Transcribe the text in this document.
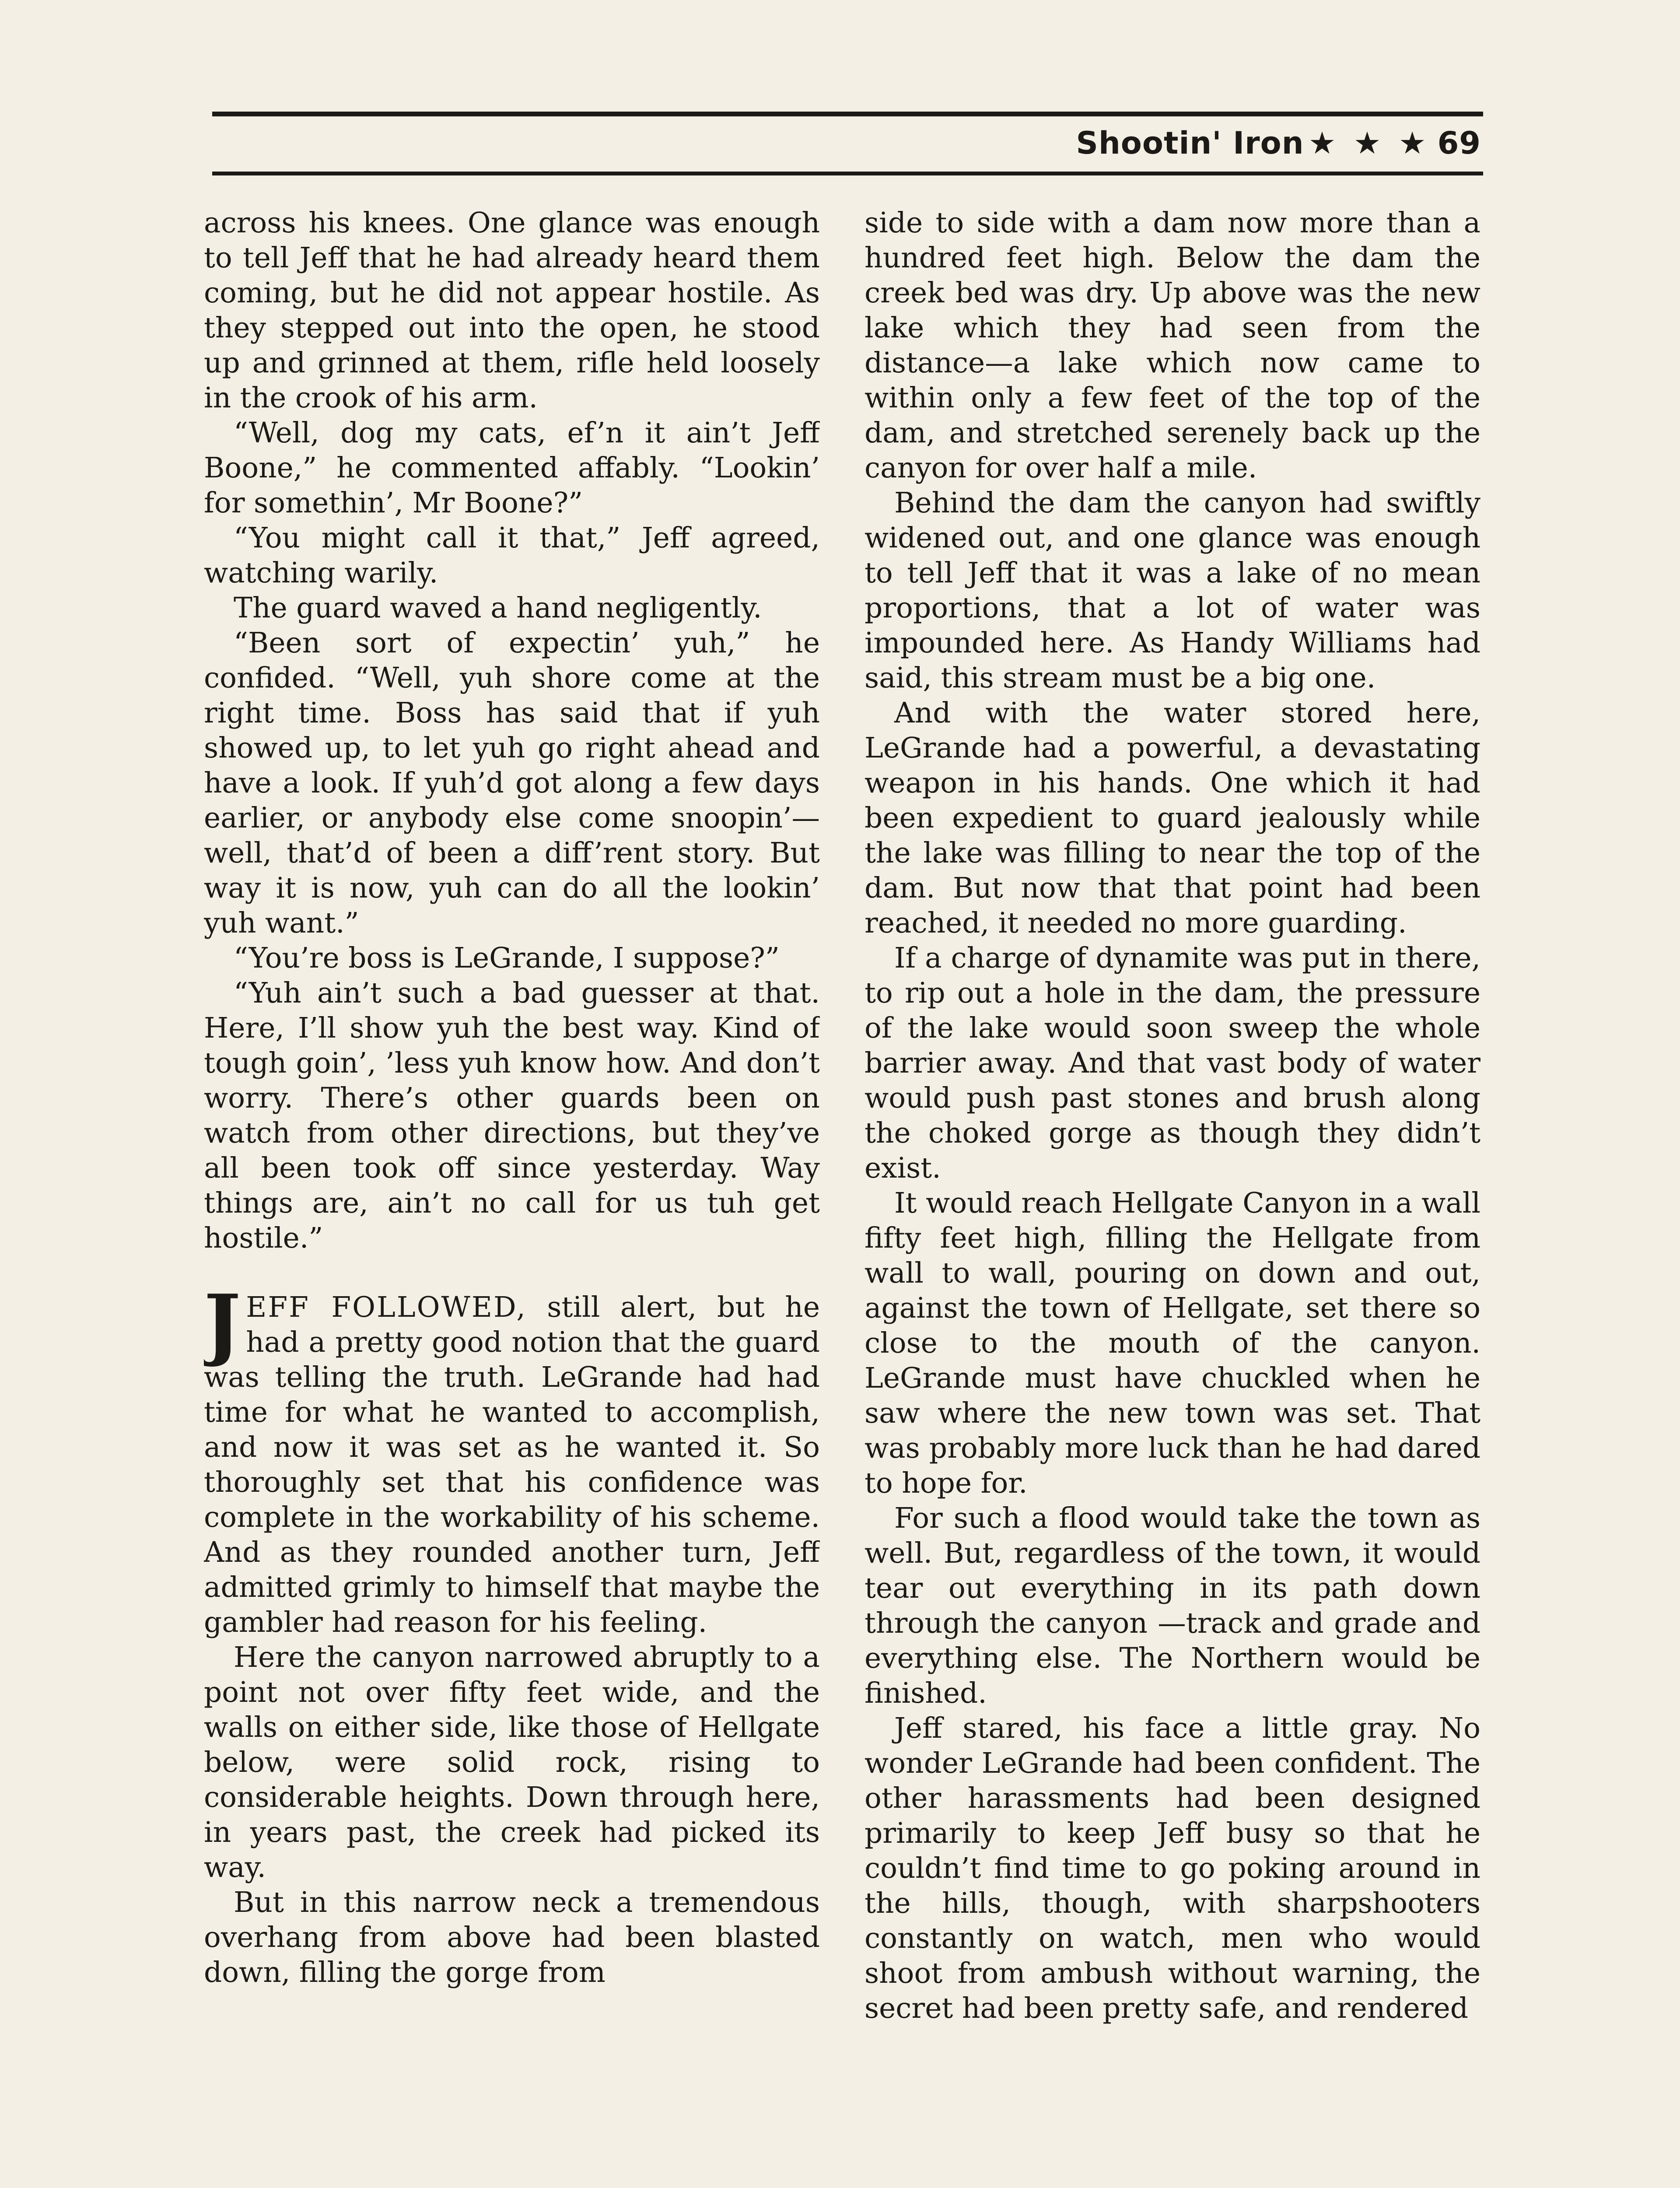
Shootin' Iron ★ ★ ★ 69

across his knees. One glance was enough to tell Jeff that he had already heard them coming, but he did not appear hostile. As they stepped out into the open, he stood up and grinned at them, rifle held loosely in the crook of his arm.

“Well, dog my cats, ef’n it ain’t Jeff Boone,” he commented affably. “Lookin’ for somethin’, Mr Boone?”

“You might call it that,” Jeff agreed, watching warily.

The guard waved a hand negligently.

“Been sort of expectin’ yuh,” he confided. “Well, yuh shore come at the right time. Boss has said that if yuh showed up, to let yuh go right ahead and have a look. If yuh’d got along a few days earlier, or anybody else come snoopin’—well, that’d of been a diff’rent story. But way it is now, yuh can do all the lookin’ yuh want.”

“You’re boss is LeGrande, I suppose?”

“Yuh ain’t such a bad guesser at that. Here, I’ll show yuh the best way. Kind of tough goin’, ’less yuh know how. And don’t worry. There’s other guards been on watch from other directions, but they’ve all been took off since yesterday. Way things are, ain’t no call for us tuh get hostile.”

JEFF FOLLOWED, still alert, but he had a pretty good notion that the guard was telling the truth. LeGrande had had time for what he wanted to accomplish, and now it was set as he wanted it. So thoroughly set that his confidence was complete in the workability of his scheme. And as they rounded another turn, Jeff admitted grimly to himself that maybe the gambler had reason for his feeling.

Here the canyon narrowed abruptly to a point not over fifty feet wide, and the walls on either side, like those of Hellgate below, were solid rock, rising to considerable heights. Down through here, in years past, the creek had picked its way.

But in this narrow neck a tremendous overhang from above had been blasted down, filling the gorge from

side to side with a dam now more than a hundred feet high. Below the dam the creek bed was dry. Up above was the new lake which they had seen from the distance—a lake which now came to within only a few feet of the top of the dam, and stretched serenely back up the canyon for over half a mile.

Behind the dam the canyon had swiftly widened out, and one glance was enough to tell Jeff that it was a lake of no mean proportions, that a lot of water was impounded here. As Handy Williams had said, this stream must be a big one.

And with the water stored here, LeGrande had a powerful, a devastating weapon in his hands. One which it had been expedient to guard jealously while the lake was filling to near the top of the dam. But now that that point had been reached, it needed no more guarding.

If a charge of dynamite was put in there, to rip out a hole in the dam, the pressure of the lake would soon sweep the whole barrier away. And that vast body of water would push past stones and brush along the choked gorge as though they didn’t exist.

It would reach Hellgate Canyon in a wall fifty feet high, filling the Hellgate from wall to wall, pouring on down and out, against the town of Hellgate, set there so close to the mouth of the canyon. LeGrande must have chuckled when he saw where the new town was set. That was probably more luck than he had dared to hope for.

For such a flood would take the town as well. But, regardless of the town, it would tear out everything in its path down through the canyon —track and grade and everything else. The Northern would be finished.

Jeff stared, his face a little gray. No wonder LeGrande had been confident. The other harassments had been designed primarily to keep Jeff busy so that he couldn’t find time to go poking around in the hills, though, with sharpshooters constantly on watch, men who would shoot from ambush without warning, the secret had been pretty safe, and rendered
